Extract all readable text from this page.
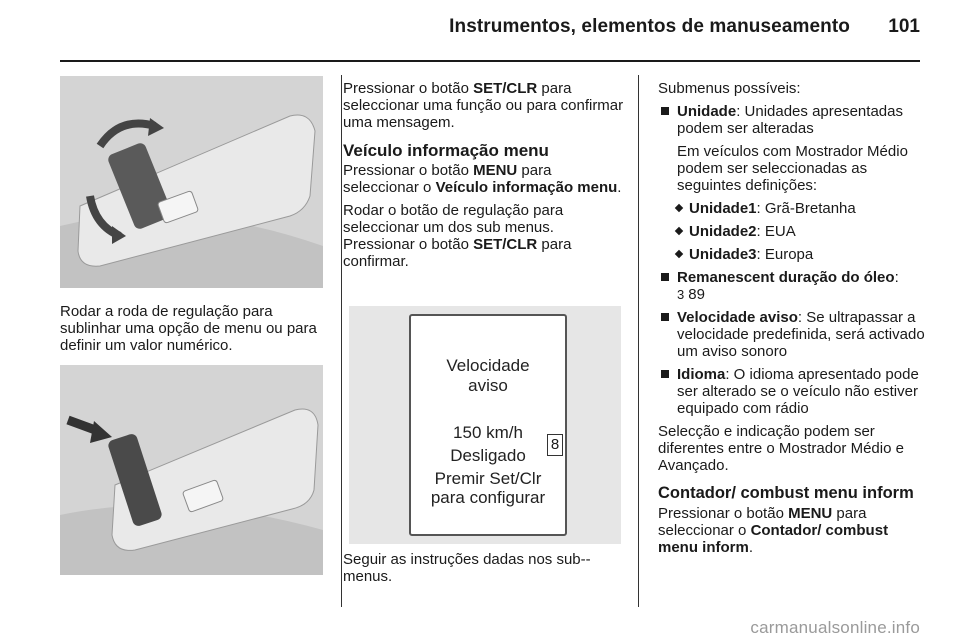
Instrumentos, elementos de manuseamento 101

Rodar a roda de regulação para sublinhar uma opção de menu ou para definir um valor numérico.

Pressionar o botão SET/CLR para seleccionar uma função ou para confirmar uma mensagem.

Veículo informação menu

Pressionar o botão MENU para seleccionar o Veículo informação menu.

Rodar o botão de regulação para seleccionar um dos sub menus.

Pressionar o botão SET/CLR para confirmar.

Velocidade
aviso
150 km/h
Desligado
Premir Set/Clr
para configurar
8

Seguir as instruções dadas nos sub--menus.

Submenus possíveis:

Unidade: Unidades apresentadas podem ser alteradas

Em veículos com Mostrador Médio podem ser seleccionadas as seguintes definições:

Unidade1: Grã-Bretanha

Unidade2: EUA

Unidade3: Europa

Remanescent duração do óleo:
3 89

Velocidade aviso: Se ultrapassar a velocidade predefinida, será activado um aviso sonoro

Idioma: O idioma apresentado pode ser alterado se o veículo não estiver equipado com rádio

Selecção e indicação podem ser diferentes entre o Mostrador Médio e Avançado.

Contador/ combust menu inform

Pressionar o botão MENU para seleccionar o Contador/ combust menu inform.

carmanualsonline.info
